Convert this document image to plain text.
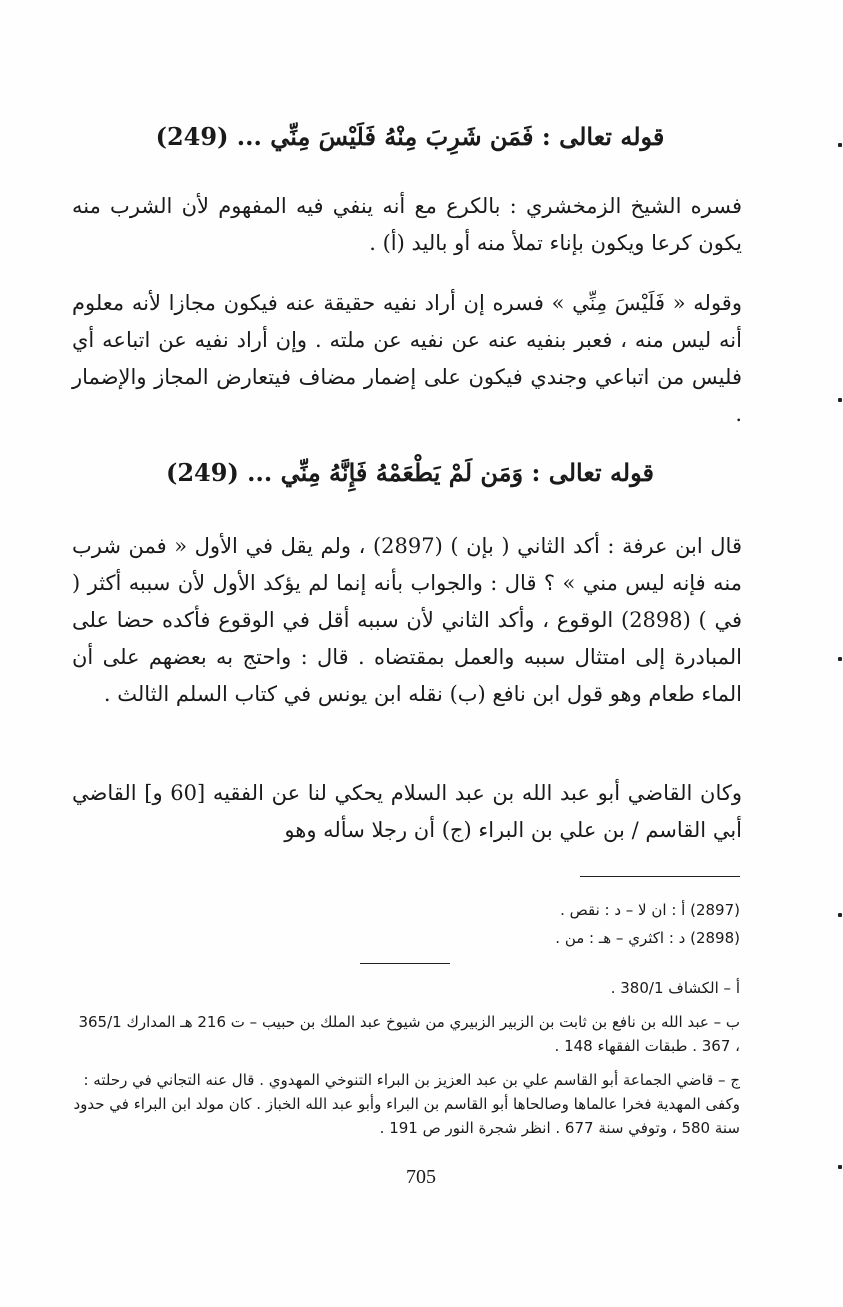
قوله تعالى : فَمَن شَرِبَ مِنْهُ فَلَيْسَ مِنِّي ... (249)

فسره الشيخ الزمخشري : بالكرع مع أنه ينفي فيه المفهوم لأن الشرب منه يكون كرعا ويكون بإناء تملأ منه أو باليد (أ) .

وقوله « فَلَيْسَ مِنِّي » فسره إن أراد نفيه حقيقة عنه فيكون مجازا لأنه معلوم أنه ليس منه ، فعبر بنفيه عنه عن نفيه عن ملته . وإن أراد نفيه عن اتباعه أي فليس من اتباعي وجندي فيكون على إضمار مضاف فيتعارض المجاز والإضمار .

قوله تعالى : وَمَن لَمْ يَطْعَمْهُ فَإِنَّهُ مِنِّي ... (249)

قال ابن عرفة : أكد الثاني ( بإن ) (2897) ، ولم يقل في الأول « فمن شرب منه فإنه ليس مني » ؟ قال : والجواب بأنه إنما لم يؤكد الأول لأن سببه أكثر ( في ) (2898) الوقوع ، وأكد الثاني لأن سببه أقل في الوقوع فأكده حضا على المبادرة إلى امتثال سببه والعمل بمقتضاه . قال : واحتج به بعضهم على أن الماء طعام وهو قول ابن نافع (ب) نقله ابن يونس في كتاب السلم الثالث .

وكان القاضي أبو عبد الله بن عبد السلام يحكي لنا عن الفقيه [60 و] القاضي أبي القاسم / بن علي بن البراء (ج) أن رجلا سأله وهو

(2897) أ : ان لا – د : نقص .
(2898) د : اكثري – هـ : من .
أ – الكشاف 380/1 .
ب – عبد الله بن نافع بن ثابت بن الزبير الزبيري من شيوخ عبد الملك بن حبيب – ت 216 هـ المدارك 365/1 ، 367 . طبقات الفقهاء 148 .
ج – قاضي الجماعة أبو القاسم علي بن عبد العزيز بن البراء التنوخي المهدوي . قال عنه التجاني في رحلته : وكفى المهدية فخرا عالماها وصالحاها أبو القاسم بن البراء وأبو عبد الله الخباز . كان مولد ابن البراء في حدود سنة 580 ، وتوفي سنة 677 . انظر شجرة النور ص 191 .
705
